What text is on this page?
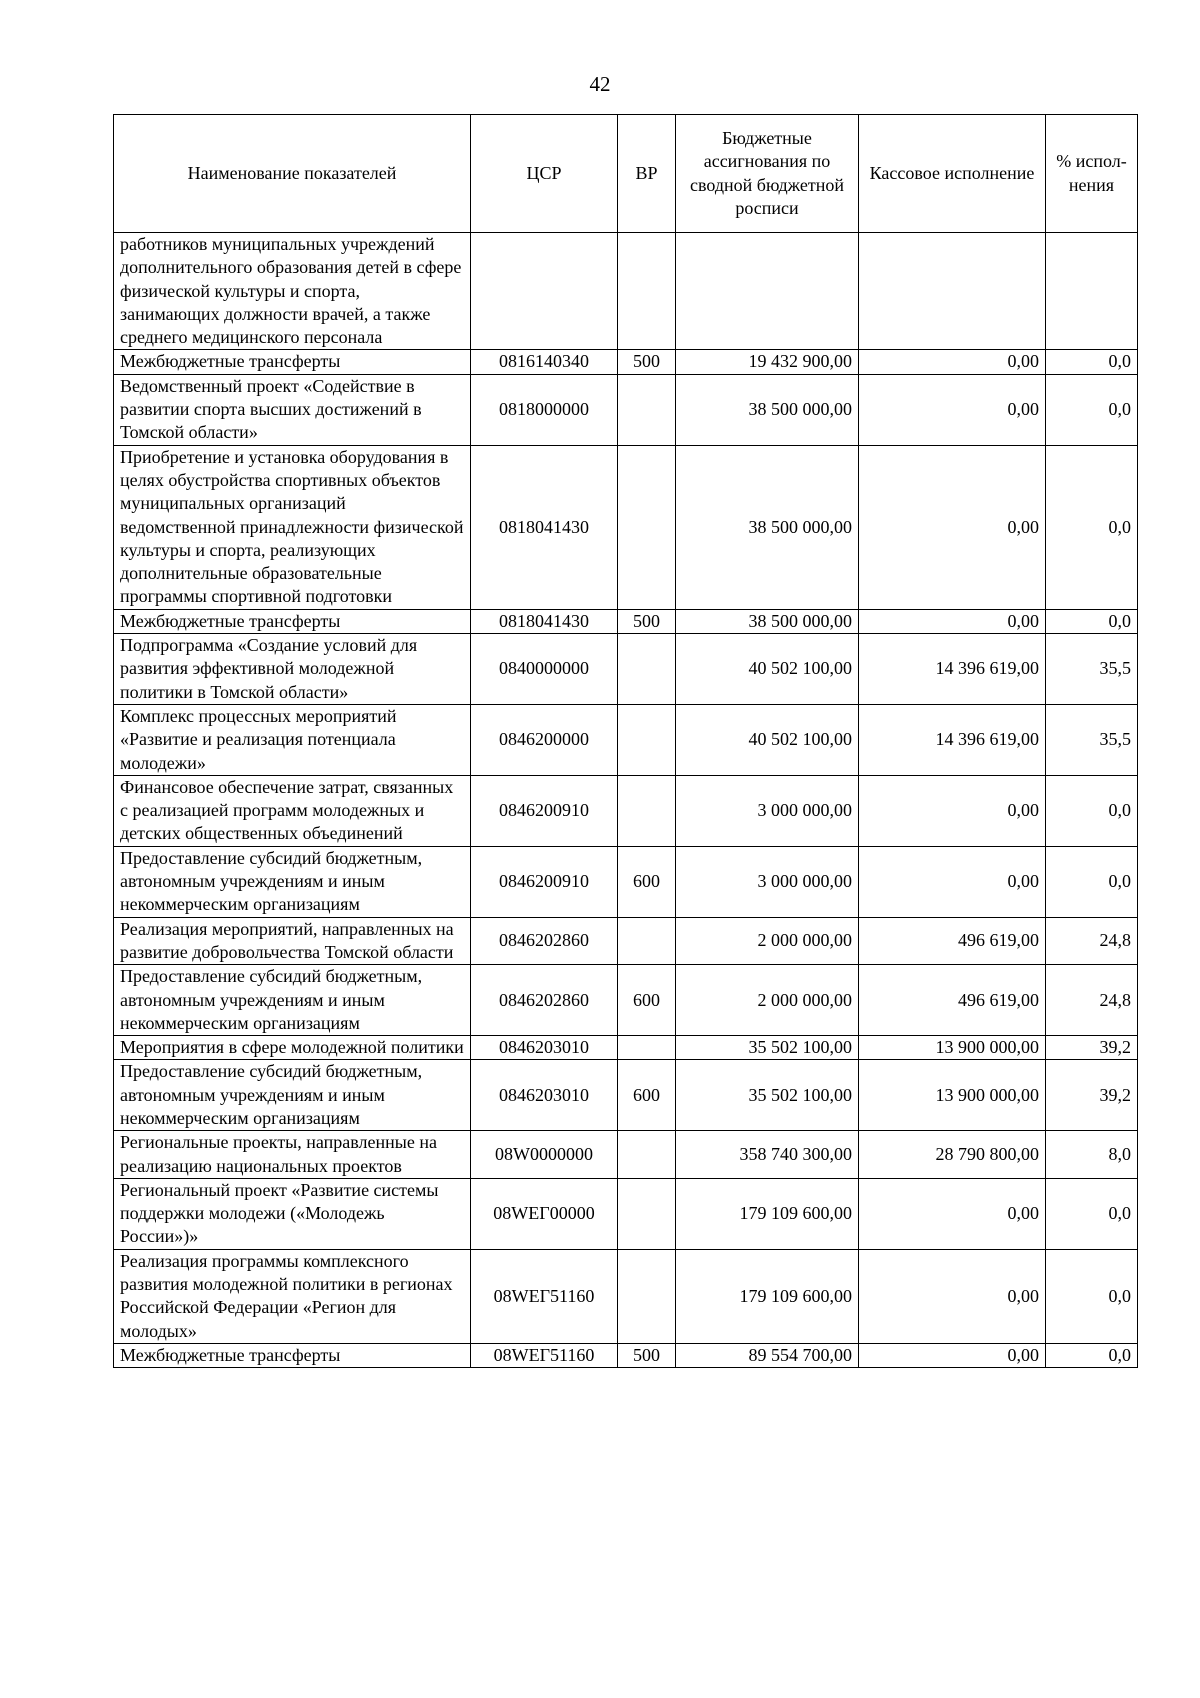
42
Наименование показателей	ЦСР	ВР	Бюджетные ассигнования по сводной бюджетной росписи	Кассовое исполнение	% испол- нения
работников муниципальных учреждений дополнительного образования детей в сфере физической культуры и спорта, занимающих должности врачей, а также среднего медицинского персонала					
Межбюджетные трансферты	0816140340	500	19 432 900,00	0,00	0,0
Ведомственный проект «Содействие в развитии спорта высших достижений в Томской области»	0818000000		38 500 000,00	0,00	0,0
Приобретение и установка оборудования в целях обустройства спортивных объектов муниципальных организаций ведомственной принадлежности физической культуры и спорта, реализующих дополнительные образовательные программы спортивной подготовки	0818041430		38 500 000,00	0,00	0,0
Межбюджетные трансферты	0818041430	500	38 500 000,00	0,00	0,0
Подпрограмма «Создание условий для развития эффективной молодежной политики в Томской области»	0840000000		40 502 100,00	14 396 619,00	35,5
Комплекс процессных мероприятий «Развитие и реализация потенциала молодежи»	0846200000		40 502 100,00	14 396 619,00	35,5
Финансовое обеспечение затрат, связанных с реализацией программ молодежных и детских общественных объединений	0846200910		3 000 000,00	0,00	0,0
Предоставление субсидий бюджетным, автономным учреждениям и иным некоммерческим организациям	0846200910	600	3 000 000,00	0,00	0,0
Реализация мероприятий, направленных на развитие добровольчества Томской области	0846202860		2 000 000,00	496 619,00	24,8
Предоставление субсидий бюджетным, автономным учреждениям и иным некоммерческим организациям	0846202860	600	2 000 000,00	496 619,00	24,8
Мероприятия в сфере молодежной политики	0846203010		35 502 100,00	13 900 000,00	39,2
Предоставление субсидий бюджетным, автономным учреждениям и иным некоммерческим организациям	0846203010	600	35 502 100,00	13 900 000,00	39,2
Региональные проекты, направленные на реализацию национальных проектов	08W0000000		358 740 300,00	28 790 800,00	8,0
Региональный проект «Развитие системы поддержки молодежи («Молодежь России»)»	08WEГ00000		179 109 600,00	0,00	0,0
Реализация программы комплексного развития молодежной политики в регионах Российской Федерации «Регион для молодых»	08WEГ51160		179 109 600,00	0,00	0,0
Межбюджетные трансферты	08WEГ51160	500	89 554 700,00	0,00	0,0
